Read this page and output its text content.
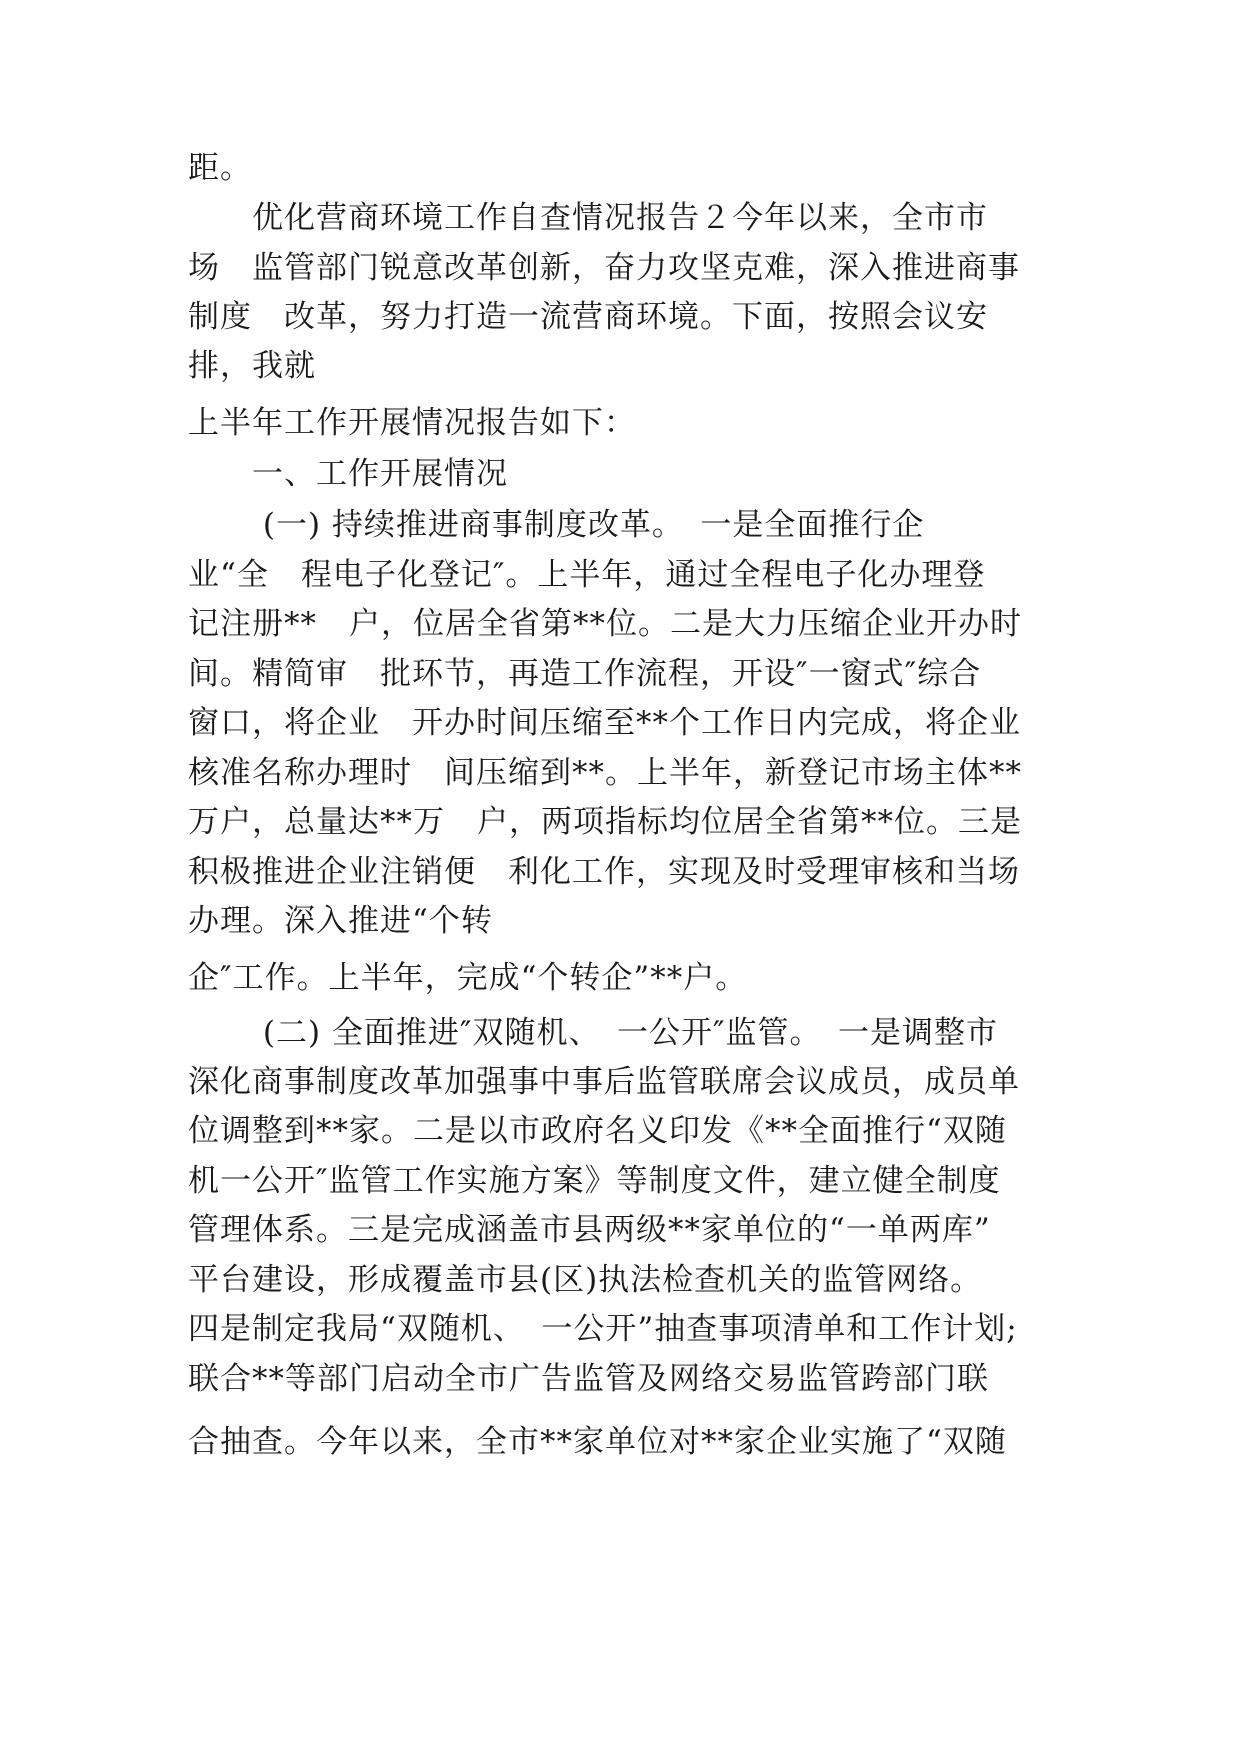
距。

　　优化营商环境工作自查情况报告２今年以来，全市市

场　监管部门锐意改革创新，奋力攻坚克难，深入推进商事

制度　改革，努力打造一流营商环境。下面，按照会议安

排，我就

上半年工作开展情况报告如下：

　　一、工作开展情况

　　 (一) 持续推进商事制度改革。　一是全面推行企

业“全　程电子化登记″。上半年，通过全程电子化办理登

记注册**　户，位居全省第**位。二是大力压缩企业开办时

间。精简审　批环节，再造工作流程，开设″一窗式″综合

窗口，将企业　开办时间压缩至**个工作日内完成，将企业

核准名称办理时　间压缩到**。上半年，新登记市场主体**

万户，总量达**万　户，两项指标均位居全省第**位。三是

积极推进企业注销便　利化工作，实现及时受理审核和当场

办理。深入推进“个转

企″工作。上半年，完成“个转企”**户。

　　 (二) 全面推进″双随机、　一公开″监管。　一是调整市

深化商事制度改革加强事中事后监管联席会议成员，成员单

位调整到**家。二是以市政府名义印发《**全面推行“双随

机一公开″监管工作实施方案》等制度文件，建立健全制度

管理体系。三是完成涵盖市县两级**家单位的“一单两库”

平台建设，形成覆盖市县(区)执法检查机关的监管网络。

四是制定我局“双随机、　一公开”抽查事项清单和工作计划;

联合**等部门启动全市广告监管及网络交易监管跨部门联

合抽查。今年以来，全市**家单位对**家企业实施了“双随
